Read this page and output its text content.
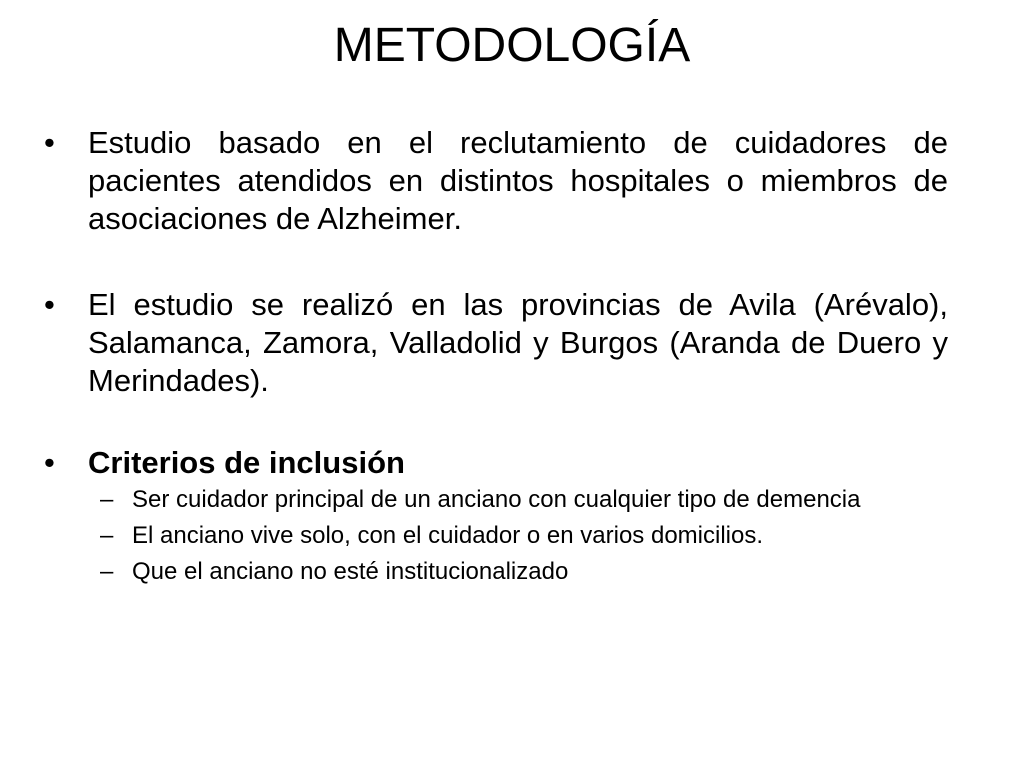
METODOLOGÍA
•	Estudio basado en el reclutamiento de cuidadores de pacientes atendidos en distintos hospitales o miembros de asociaciones de Alzheimer.
•	El estudio se realizó en las provincias de Avila (Arévalo), Salamanca, Zamora, Valladolid y Burgos (Aranda de Duero y Merindades).
•	Criterios de inclusión
– Ser cuidador principal de un anciano con cualquier tipo de demencia
– El anciano vive solo, con el cuidador o en varios domicilios.
– Que el anciano no esté institucionalizado
